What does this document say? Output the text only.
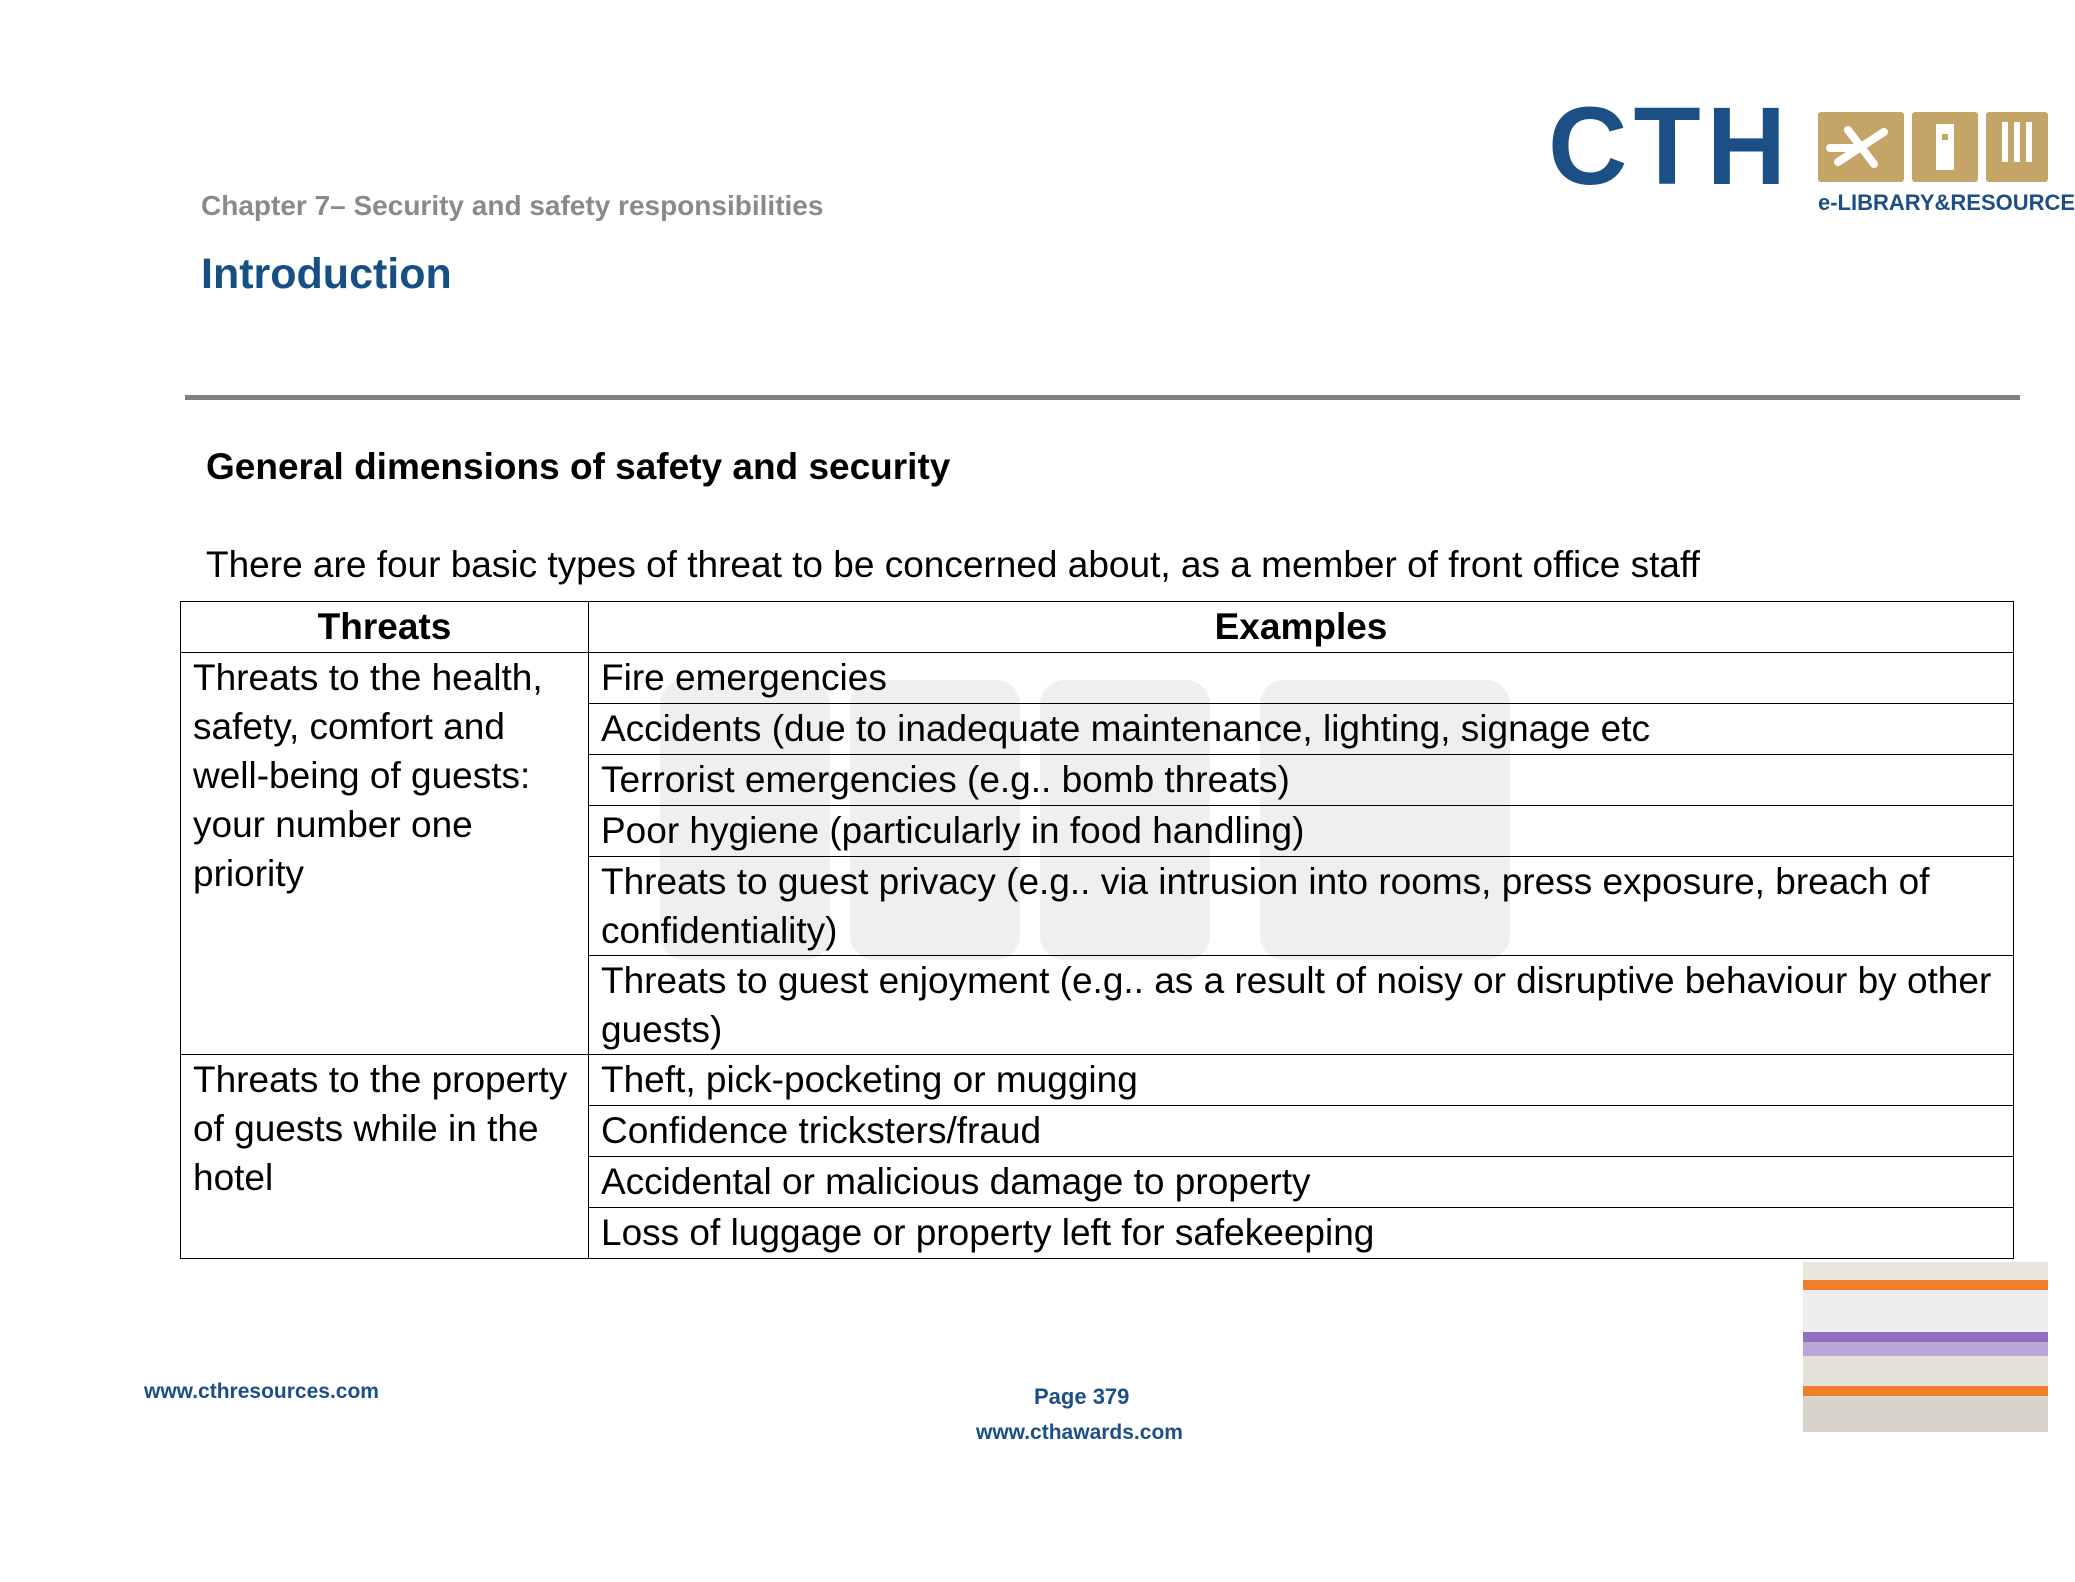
Chapter 7– Security and safety responsibilities
Introduction
CTH e-LIBRARY&RESOURCE
General dimensions of safety and security
There are four basic types of threat to be concerned about, as a member of front office staff
Threats	Examples
Threats to the health, safety, comfort and well-being of guests: your number one priority	Fire emergencies
	Accidents (due to inadequate maintenance, lighting, signage etc
	Terrorist emergencies (e.g.. bomb threats)
	Poor hygiene (particularly in food handling)
	Threats to guest privacy (e.g.. via intrusion into rooms, press exposure, breach of confidentiality)
	Threats to guest enjoyment (e.g.. as a result of noisy or disruptive behaviour by other guests)
Threats to the property of guests while in the hotel	Theft, pick-pocketing or mugging
	Confidence tricksters/fraud
	Accidental or malicious damage to property
	Loss of luggage or property left for safekeeping
www.cthresources.com	Page 379
www.cthawards.com
